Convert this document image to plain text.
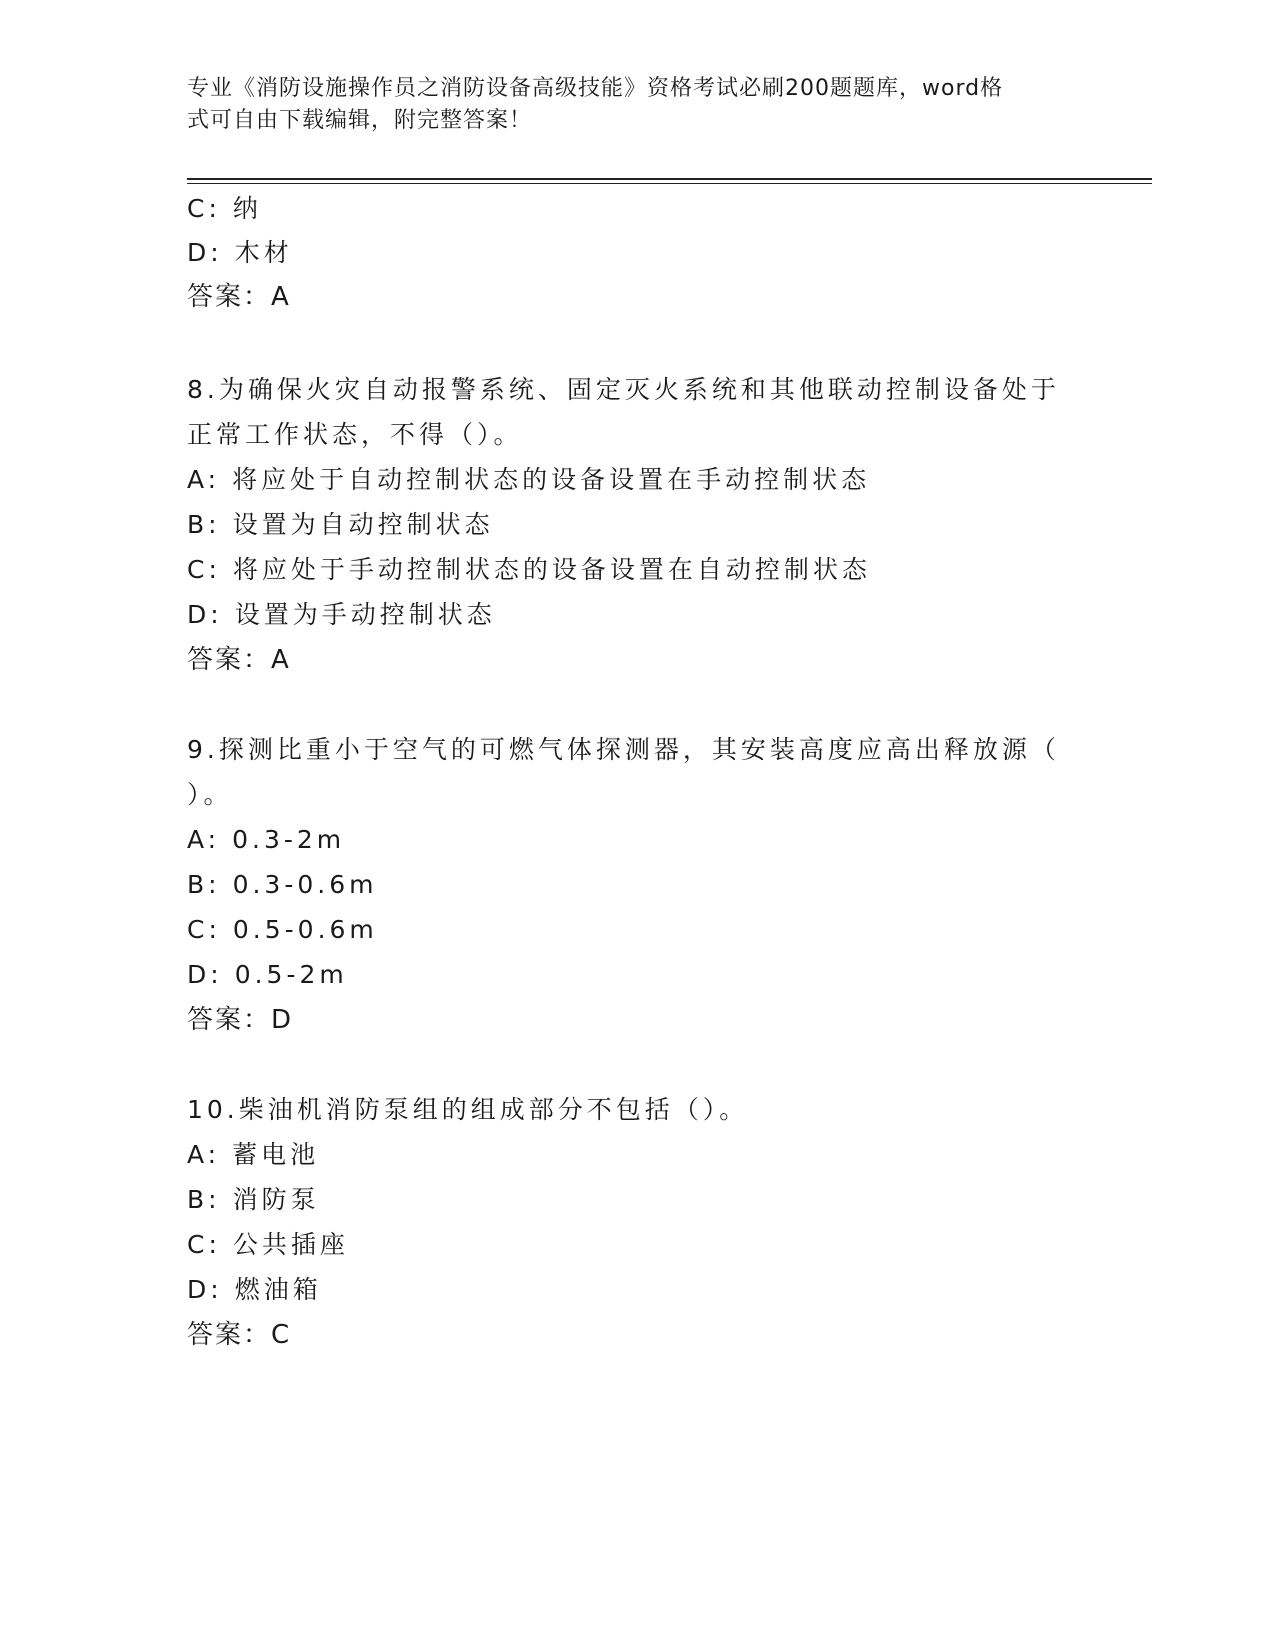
专业《消防设施操作员之消防设备高级技能》资格考试必刷200题题库，word格
式可自由下载编辑，附完整答案！
C: 纳
D: 木材
答案：A
8.为确保火灾自动报警系统、固定灭火系统和其他联动控制设备处于
正常工作状态，不得（）。
A: 将应处于自动控制状态的设备设置在手动控制状态
B: 设置为自动控制状态
C: 将应处于手动控制状态的设备设置在自动控制状态
D: 设置为手动控制状态
答案：A
9.探测比重小于空气的可燃气体探测器，其安装高度应高出释放源（
）。
A: 0.3-2m
B: 0.3-0.6m
C: 0.5-0.6m
D: 0.5-2m
答案：D
10.柴油机消防泵组的组成部分不包括（）。
A: 蓄电池
B: 消防泵
C: 公共插座
D: 燃油箱
答案：C
